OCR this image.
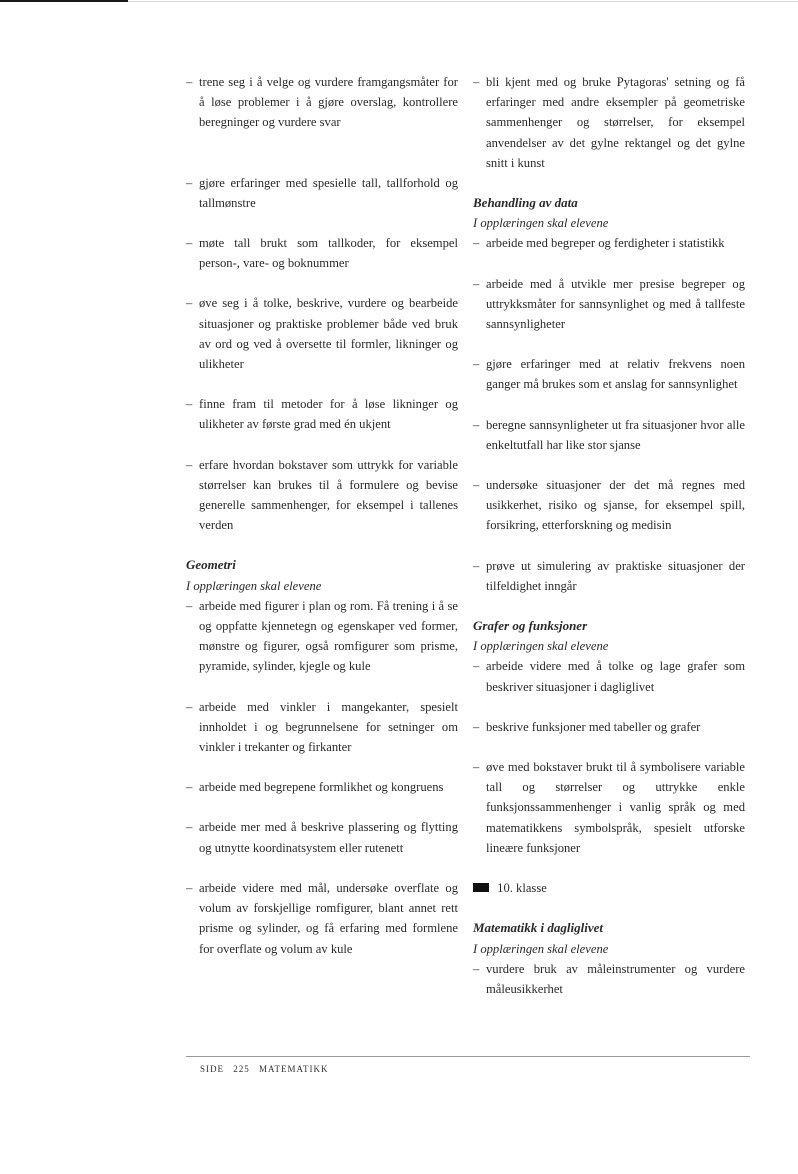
– trene seg i å velge og vurdere framgangsmåter for å løse problemer i å gjøre overslag, kontrollere beregninger og vurdere svar
– gjøre erfaringer med spesielle tall, tallforhold og tallmønstre
– møte tall brukt som tallkoder, for eksempel person-, vare- og boknummer
– øve seg i å tolke, beskrive, vurdere og bearbeide situasjoner og praktiske problemer både ved bruk av ord og ved å oversette til formler, likninger og ulikheter
– finne fram til metoder for å løse likninger og ulikheter av første grad med én ukjent
– erfare hvordan bokstaver som uttrykk for variable størrelser kan brukes til å formulere og bevise generelle sammenhenger, for eksempel i tallenes verden
Geometri
I opplæringen skal elevene
– arbeide med figurer i plan og rom. Få trening i å se og oppfatte kjennetegn og egenskaper ved former, mønstre og figurer, også romfigurer som prisme, pyramide, sylinder, kjegle og kule
– arbeide med vinkler i mangekanter, spesielt innholdet i og begrunnelsene for setninger om vinkler i trekanter og firkanter
– arbeide med begrepene formlikhet og kongruens
– arbeide mer med å beskrive plassering og flytting og utnytte koordinatsystem eller rutenett
– arbeide videre med mål, undersøke overflate og volum av forskjellige romfigurer, blant annet rett prisme og sylinder, og få erfaring med formlene for overflate og volum av kule
– bli kjent med og bruke Pytagoras' setning og få erfaringer med andre eksempler på geometriske sammenhenger og størrelser, for eksempel anvendelser av det gylne rektangel og det gylne snitt i kunst
Behandling av data
I opplæringen skal elevene
– arbeide med begreper og ferdigheter i statistikk
– arbeide med å utvikle mer presise begreper og uttrykksmåter for sannsynlighet og med å tallfeste sannsynligheter
– gjøre erfaringer med at relativ frekvens noen ganger må brukes som et anslag for sannsynlighet
– beregne sannsynligheter ut fra situasjoner hvor alle enkeltutfall har like stor sjanse
– undersøke situasjoner der det må regnes med usikkerhet, risiko og sjanse, for eksempel spill, forsikring, etterforskning og medisin
– prøve ut simulering av praktiske situasjoner der tilfeldighet inngår
Grafer og funksjoner
I opplæringen skal elevene
– arbeide videre med å tolke og lage grafer som beskriver situasjoner i dagliglivet
– beskrive funksjoner med tabeller og grafer
– øve med bokstaver brukt til å symbolisere variable tall og størrelser og uttrykke enkle funksjonssammenhenger i vanlig språk og med matematikkens symbolspråk, spesielt utforske lineære funksjoner

10. klasse
Matematikk i dagliglivet
I opplæringen skal elevene
– vurdere bruk av måleinstrumenter og vurdere måleusikkerhet
SIDE 225 MATEMATIKK
